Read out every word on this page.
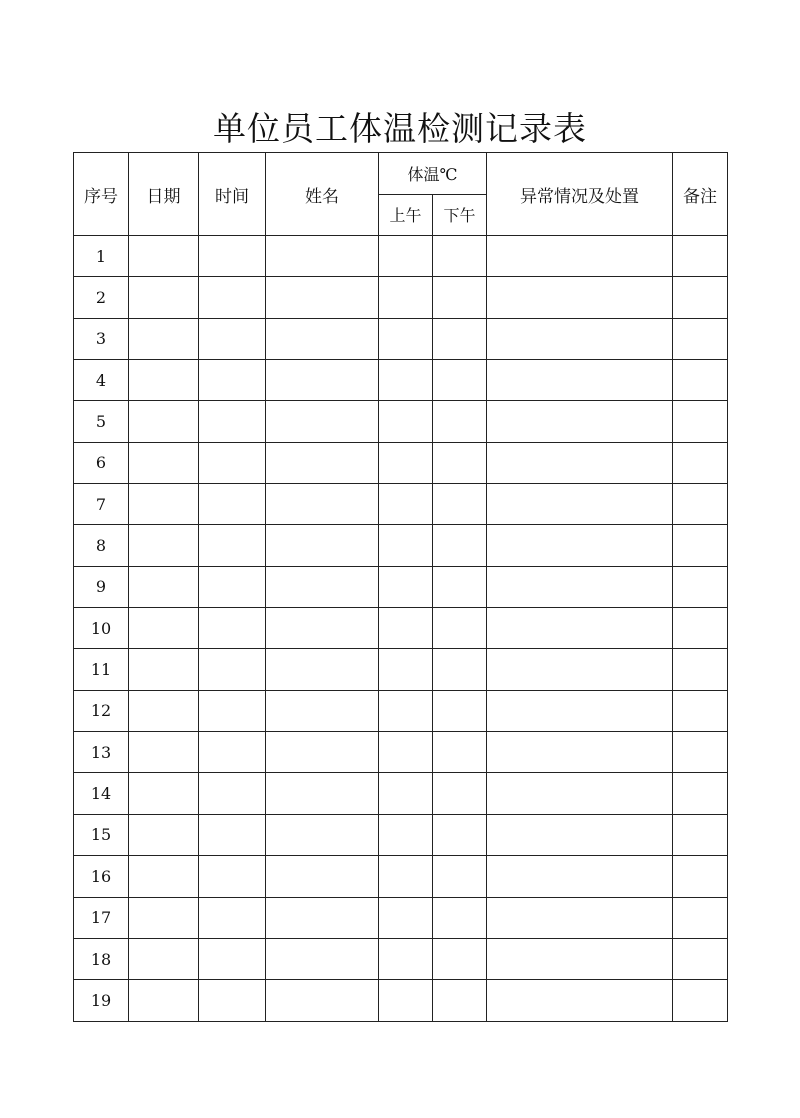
单位员工体温检测记录表
序号	日期	时间	姓名	体温℃		异常情况及处置	备注
				上午	下午		
1							
2							
3							
4							
5							
6							
7							
8							
9							
10							
11							
12							
13							
14							
15							
16							
17							
18							
19							
